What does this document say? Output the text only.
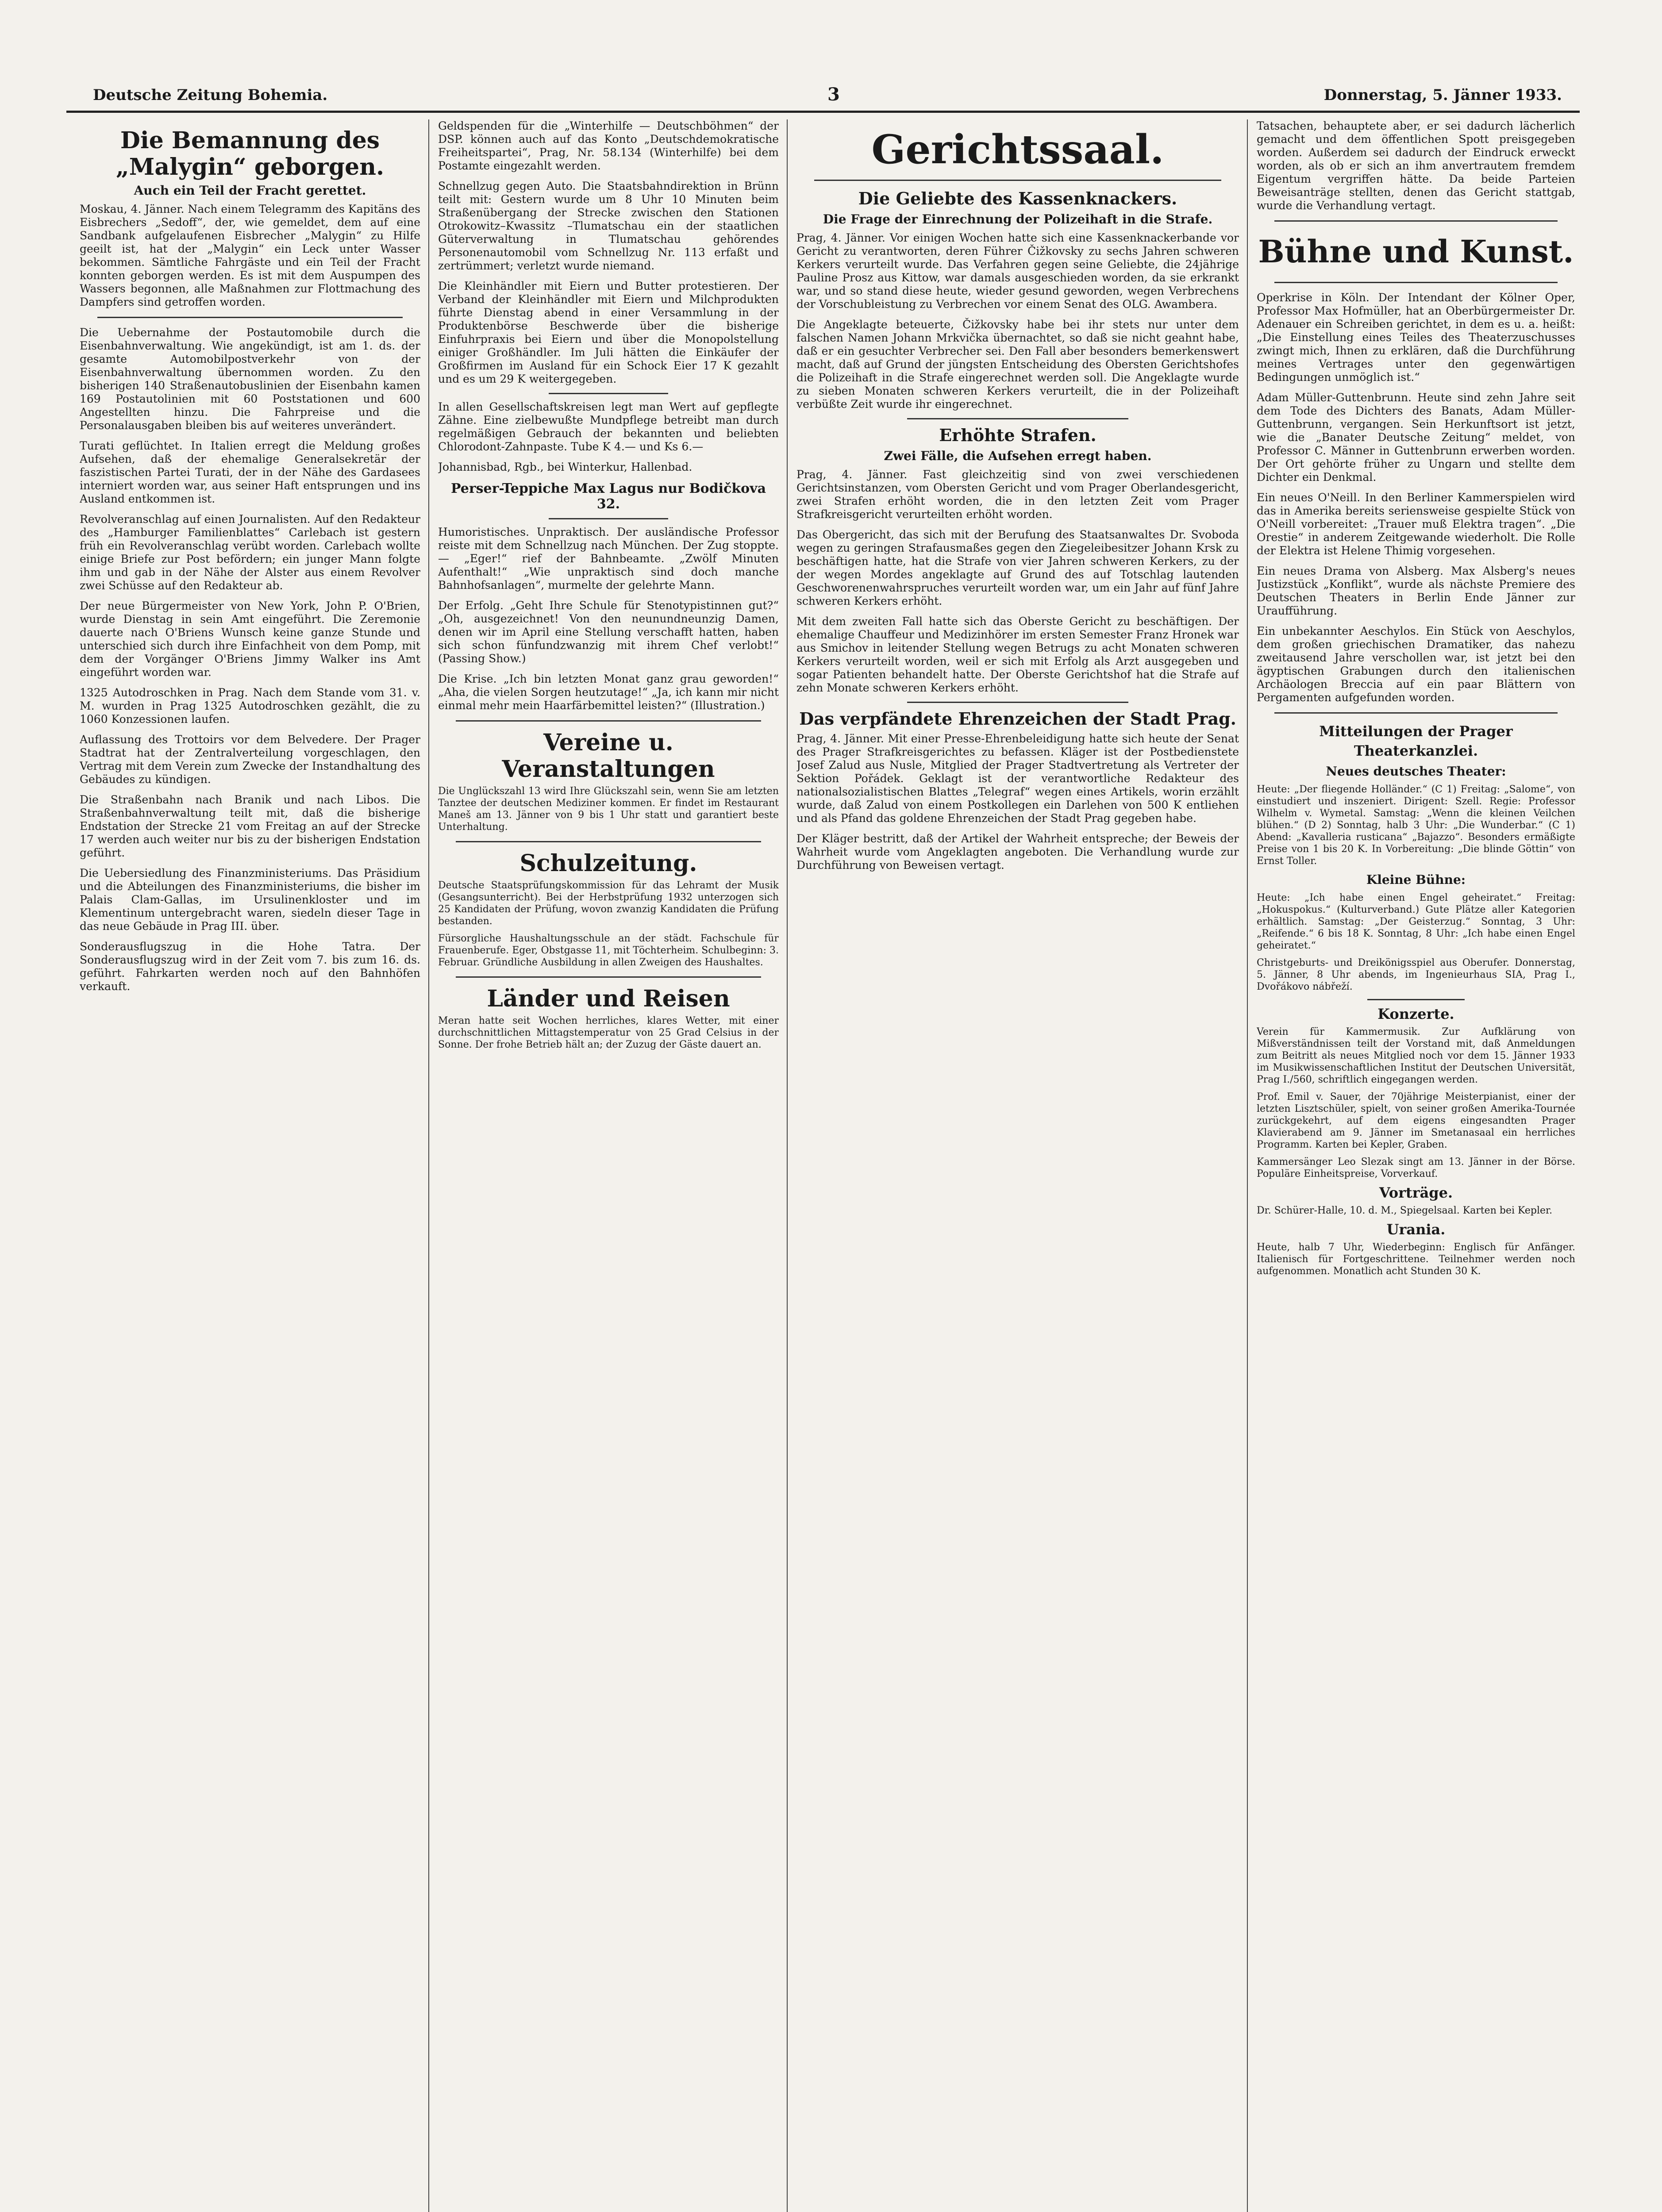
Deutsche Zeitung Bohemia.	3	Donnerstag, 5. Jänner 1933.
Die Bemannung des „Malygin“ geborgen.
Auch ein Teil der Fracht gerettet.

Moskau, 4. Jänner. Nach einem Telegramm des Kapitäns des Eisbrechers „Sedoff“, der, wie gemeldet, dem auf eine Sandbank aufgelaufenen Eisbrecher „Malygin“ zu Hilfe geeilt ist, hat der „Malygin“ ein Leck unter Wasser bekommen. Sämtliche Fahrgäste und ein Teil der Fracht konnten geborgen werden. Es ist mit dem Auspumpen des Wassers begonnen, alle Maßnahmen zur Flottmachung des Dampfers sind getroffen worden.

Die Uebernahme der Postautomobile durch die Eisenbahnverwaltung. Wie angekündigt, ist am 1. ds. der gesamte Automobilpostverkehr von der Eisenbahnverwaltung übernommen worden. Zu den bisherigen 140 Straßenautobuslinien der Eisenbahn kamen 169 Postautolinien mit 60 Poststationen und 600 Angestellten hinzu. Die Fahrpreise und die Personalausgaben bleiben bis auf weiteres unverändert.

Turati geflüchtet. In Italien erregt die Meldung großes Aufsehen, daß der ehemalige Generalsekretär der faszistischen Partei Turati, der in der Nähe des Gardasees interniert worden war, aus seiner Haft entsprungen und ins Ausland entkommen ist.

Revolveranschlag auf einen Journalisten. Auf den Redakteur des „Hamburger Familienblattes“ Carlebach ist gestern früh ein Revolveranschlag verübt worden. Carlebach wollte einige Briefe zur Post befördern; ein junger Mann folgte ihm und gab in der Nähe der Alster aus einem Revolver zwei Schüsse auf den Redakteur ab.

Der neue Bürgermeister von New York, John P. O'Brien, wurde Dienstag in sein Amt eingeführt. Die Zeremonie dauerte nach O'Briens Wunsch keine ganze Stunde und unterschied sich durch ihre Einfachheit von dem Pomp, mit dem der Vorgänger O'Briens Jimmy Walker ins Amt eingeführt worden war.

1325 Autodroschken in Prag. Nach dem Stande vom 31. v. M. wurden in Prag 1325 Autodroschken gezählt, die zu 1060 Konzessionen laufen.

Auflassung des Trottoirs vor dem Belvedere. Der Prager Stadtrat hat der Zentralverteilung vorgeschlagen, den Vertrag mit dem Verein zum Zwecke der Instandhaltung des Gebäudes zu kündigen.

Die Straßenbahn nach Branik und nach Libos. Die Straßenbahnverwaltung teilt mit, daß die bisherige Endstation der Strecke 21 vom Freitag an auf der Strecke 17 werden auch weiter nur bis zu der bisherigen Endstation geführt.

Die Uebersiedlung des Finanzministeriums. Das Präsidium und die Abteilungen des Finanzministeriums, die bisher im Palais Clam-Gallas, im Ursulinenkloster und im Klementinum untergebracht waren, siedeln dieser Tage in das neue Gebäude in Prag III. über.

Sonderausflugszug in die Hohe Tatra. Der Sonderausflugszug wird in der Zeit vom 7. bis zum 16. ds. geführt. Fahrkarten werden noch auf den Bahnhöfen verkauft.

Geldspenden für die „Winterhilfe — Deutschböhmen“ der DSP. können auch auf das Konto „Deutschdemokratische Freiheitspartei“, Prag, Nr. 58.134 (Winterhilfe) bei dem Postamte eingezahlt werden.

Schnellzug gegen Auto. Die Staatsbahndirektion in Brünn teilt mit: Gestern wurde um 8 Uhr 10 Minuten beim Straßenübergang der Strecke zwischen den Stationen Otrokowitz–Kwassitz –Tlumatschau ein der staatlichen Güterverwaltung in Tlumatschau gehörendes Personenautomobil vom Schnellzug Nr. 113 erfaßt und zertrümmert; verletzt wurde niemand.

Die Kleinhändler mit Eiern und Butter protestieren. Der Verband der Kleinhändler mit Eiern und Milchprodukten führte Dienstag abend in einer Versammlung in der Produktenbörse Beschwerde über die bisherige Einfuhrpraxis bei Eiern und über die Monopolstellung einiger Großhändler. Im Juli hätten die Einkäufer der Großfirmen im Ausland für ein Schock Eier 17 K gezahlt und es um 29 K weitergegeben.

In allen Gesellschaftskreisen legt man Wert auf gepflegte Zähne. Eine zielbewußte Mundpflege betreibt man durch regelmäßigen Gebrauch der bekannten und beliebten Chlorodont-Zahnpaste. Tube K 4.— und Ks 6.—

Johannisbad, Rgb., bei Winterkur, Hallenbad.

Perser-Teppiche Max Lagus nur Bodičkova 32.

Humoristisches. Unpraktisch. Der ausländische Professor reiste mit dem Schnellzug nach München. Der Zug stoppte. — „Eger!“ rief der Bahnbeamte. „Zwölf Minuten Aufenthalt!“ „Wie unpraktisch sind doch manche Bahnhofsanlagen“, murmelte der gelehrte Mann.

Der Erfolg. „Geht Ihre Schule für Stenotypistinnen gut?“ „Oh, ausgezeichnet! Von den neunundneunzig Damen, denen wir im April eine Stellung verschafft hatten, haben sich schon fünfundzwanzig mit ihrem Chef verlobt!“ (Passing Show.)

Die Krise. „Ich bin letzten Monat ganz grau geworden!“ „Aha, die vielen Sorgen heutzutage!“ „Ja, ich kann mir nicht einmal mehr mein Haarfärbemittel leisten?“ (Illustration.)

Vereine u. Veranstaltungen

Die Unglückszahl 13 wird Ihre Glückszahl sein, wenn Sie am letzten Tanztee der deutschen Mediziner kommen. Er findet im Restaurant Maneš am 13. Jänner von 9 bis 1 Uhr statt und garantiert beste Unterhaltung.

Schulzeitung.

Deutsche Staatsprüfungskommission für das Lehramt der Musik (Gesangsunterricht). Bei der Herbstprüfung 1932 unterzogen sich 25 Kandidaten der Prüfung, wovon zwanzig Kandidaten die Prüfung bestanden.

Fürsorgliche Haushaltungsschule an der städt. Fachschule für Frauenberufe. Eger, Obstgasse 11, mit Töchterheim. Schulbeginn: 3. Februar. Gründliche Ausbildung in allen Zweigen des Haushaltes.

Länder und Reisen

Meran hatte seit Wochen herrliches, klares Wetter, mit einer durchschnittlichen Mittagstemperatur von 25 Grad Celsius in der Sonne. Der frohe Betrieb hält an; der Zuzug der Gäste dauert an.

Gerichtssaal.
Die Geliebte des Kassenknackers.
Die Frage der Einrechnung der Polizeihaft in die Strafe.

Prag, 4. Jänner. Vor einigen Wochen hatte sich eine Kassenknackerbande vor Gericht zu verantworten, deren Führer Čižkovsky zu sechs Jahren schweren Kerkers verurteilt wurde. Das Verfahren gegen seine Geliebte, die 24jährige Pauline Prosz aus Kittow, war damals ausgeschieden worden, da sie erkrankt war, und so stand diese heute, wieder gesund geworden, wegen Verbrechens der Vorschubleistung zu Verbrechen vor einem Senat des OLG. Awambera.

Die Angeklagte beteuerte, Čižkovsky habe bei ihr stets nur unter dem falschen Namen Johann Mrkvička übernachtet, so daß sie nicht geahnt habe, daß er ein gesuchter Verbrecher sei. Den Fall aber besonders bemerkenswert macht, daß auf Grund der jüngsten Entscheidung des Obersten Gerichtshofes die Polizeihaft in die Strafe eingerechnet werden soll. Die Angeklagte wurde zu sieben Monaten schweren Kerkers verurteilt, die in der Polizeihaft verbüßte Zeit wurde ihr eingerechnet.

Erhöhte Strafen.
Zwei Fälle, die Aufsehen erregt haben.

Prag, 4. Jänner. Fast gleichzeitig sind von zwei verschiedenen Gerichtsinstanzen, vom Obersten Gericht und vom Prager Oberlandesgericht, zwei Strafen erhöht worden, die in den letzten Zeit vom Prager Strafkreisgericht verurteilten erhöht worden.

Das Obergericht, das sich mit der Berufung des Staatsanwaltes Dr. Svoboda wegen zu geringen Strafausmaßes gegen den Ziegeleibesitzer Johann Krsk zu beschäftigen hatte, hat die Strafe von vier Jahren schweren Kerkers, zu der der wegen Mordes angeklagte auf Grund des auf Totschlag lautenden Geschworenenwahrspruches verurteilt worden war, um ein Jahr auf fünf Jahre schweren Kerkers erhöht.

Mit dem zweiten Fall hatte sich das Oberste Gericht zu beschäftigen. Der ehemalige Chauffeur und Medizinhörer im ersten Semester Franz Hronek war aus Smichov in leitender Stellung wegen Betrugs zu acht Monaten schweren Kerkers verurteilt worden, weil er sich mit Erfolg als Arzt ausgegeben und sogar Patienten behandelt hatte. Der Oberste Gerichtshof hat die Strafe auf zehn Monate schweren Kerkers erhöht.

Das verpfändete Ehrenzeichen der Stadt Prag.

Prag, 4. Jänner. Mit einer Presse-Ehrenbeleidigung hatte sich heute der Senat des Prager Strafkreisgerichtes zu befassen. Kläger ist der Postbedienstete Josef Zalud aus Nusle, Mitglied der Prager Stadtvertretung als Vertreter der Sektion Pořádek. Geklagt ist der verantwortliche Redakteur des nationalsozialistischen Blattes „Telegraf“ wegen eines Artikels, worin erzählt wurde, daß Zalud von einem Postkollegen ein Darlehen von 500 K entliehen und als Pfand das goldene Ehrenzeichen der Stadt Prag gegeben habe.

Der Kläger bestritt, daß der Artikel der Wahrheit entspreche; der Beweis der Wahrheit wurde vom Angeklagten angeboten. Die Verhandlung wurde zur Durchführung von Beweisen vertagt.

Tatsachen, behauptete aber, er sei dadurch lächerlich gemacht und dem öffentlichen Spott preisgegeben worden. Außerdem sei dadurch der Eindruck erweckt worden, als ob er sich an ihm anvertrautem fremdem Eigentum vergriffen hätte. Da beide Parteien Beweisanträge stellten, denen das Gericht stattgab, wurde die Verhandlung vertagt.

Bühne und Kunst.

Operkrise in Köln. Der Intendant der Kölner Oper, Professor Max Hofmüller, hat an Oberbürgermeister Dr. Adenauer ein Schreiben gerichtet, in dem es u. a. heißt: „Die Einstellung eines Teiles des Theaterzuschusses zwingt mich, Ihnen zu erklären, daß die Durchführung meines Vertrages unter den gegenwärtigen Bedingungen unmöglich ist.“

Adam Müller-Guttenbrunn. Heute sind zehn Jahre seit dem Tode des Dichters des Banats, Adam Müller-Guttenbrunn, vergangen. Sein Herkunftsort ist jetzt, wie die „Banater Deutsche Zeitung“ meldet, von Professor C. Männer in Guttenbrunn erwerben worden. Der Ort gehörte früher zu Ungarn und stellte dem Dichter ein Denkmal.

Ein neues O'Neill. In den Berliner Kammerspielen wird das in Amerika bereits seriensweise gespielte Stück von O'Neill vorbereitet: „Trauer muß Elektra tragen“. „Die Orestie“ in anderem Zeitgewande wiederholt. Die Rolle der Elektra ist Helene Thimig vorgesehen.

Ein neues Drama von Alsberg. Max Alsberg's neues Justizstück „Konflikt“, wurde als nächste Premiere des Deutschen Theaters in Berlin Ende Jänner zur Uraufführung.

Ein unbekannter Aeschylos. Ein Stück von Aeschylos, dem großen griechischen Dramatiker, das nahezu zweitausend Jahre verschollen war, ist jetzt bei den ägyptischen Grabungen durch den italienischen Archäologen Breccia auf ein paar Blättern von Pergamenten aufgefunden worden.

Mitteilungen der Prager Theaterkanzlei.
Neues deutsches Theater:

Heute: „Der fliegende Holländer.“ (C 1) Freitag: „Salome“, von einstudiert und inszeniert. Dirigent: Szell. Regie: Professor Wilhelm v. Wymetal. Samstag: „Wenn die kleinen Veilchen blühen.“ (D 2) Sonntag, halb 3 Uhr: „Die Wunderbar.“ (C 1) Abend: „Kavalleria rusticana“ „Bajazzo“. Besonders ermäßigte Preise von 1 bis 20 K. In Vorbereitung: „Die blinde Göttin“ von Ernst Toller.

Kleine Bühne:

Heute: „Ich habe einen Engel geheiratet.“ Freitag: „Hokuspokus.“ (Kulturverband.) Gute Plätze aller Kategorien erhältlich. Samstag: „Der Geisterzug.“ Sonntag, 3 Uhr: „Reifende.“ 6 bis 18 K. Sonntag, 8 Uhr: „Ich habe einen Engel geheiratet.“

Christgeburts- und Dreikönigsspiel aus Oberufer. Donnerstag, 5. Jänner, 8 Uhr abends, im Ingenieurhaus SIA, Prag I., Dvořákovo nábřeží.

Konzerte.

Verein für Kammermusik. Zur Aufklärung von Mißverständnissen teilt der Vorstand mit, daß Anmeldungen zum Beitritt als neues Mitglied noch vor dem 15. Jänner 1933 im Musikwissenschaftlichen Institut der Deutschen Universität, Prag I./560, schriftlich eingegangen werden.

Prof. Emil v. Sauer, der 70jährige Meisterpianist, einer der letzten Lisztschüler, spielt, von seiner großen Amerika-Tournée zurückgekehrt, auf dem eigens eingesandten Prager Klavierabend am 9. Jänner im Smetanasaal ein herrliches Programm. Karten bei Kepler, Graben.

Kammersänger Leo Slezak singt am 13. Jänner in der Börse. Populäre Einheitspreise, Vorverkauf.

Vorträge.

Dr. Schürer-Halle, 10. d. M., Spiegelsaal. Karten bei Kepler.

Urania.

Heute, halb 7 Uhr, Wiederbeginn: Englisch für Anfänger. Italienisch für Fortgeschrittene. Teilnehmer werden noch aufgenommen. Monatlich acht Stunden 30 K.
